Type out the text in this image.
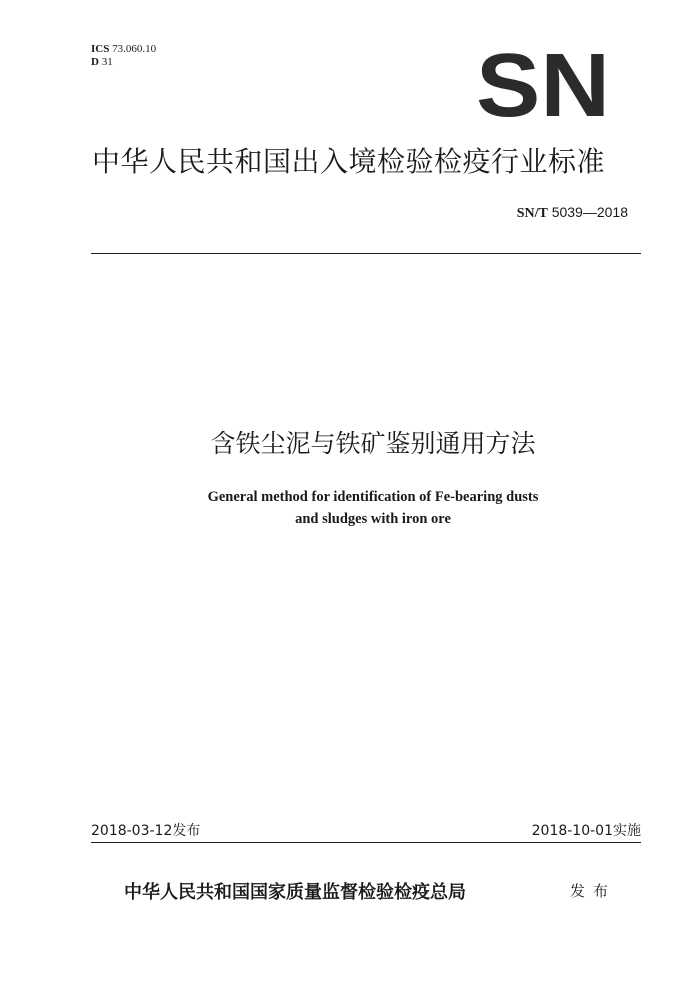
ICS 73.060.10
D 31	SN
中华人民共和国出入境检验检疫行业标准
SN/T 5039—2018
含铁尘泥与铁矿鉴别通用方法
General method for identification of Fe-bearing dusts
and sludges with iron ore
2018-03-12发布	2018-10-01实施
中华人民共和国国家质量监督检验检疫总局	发布
